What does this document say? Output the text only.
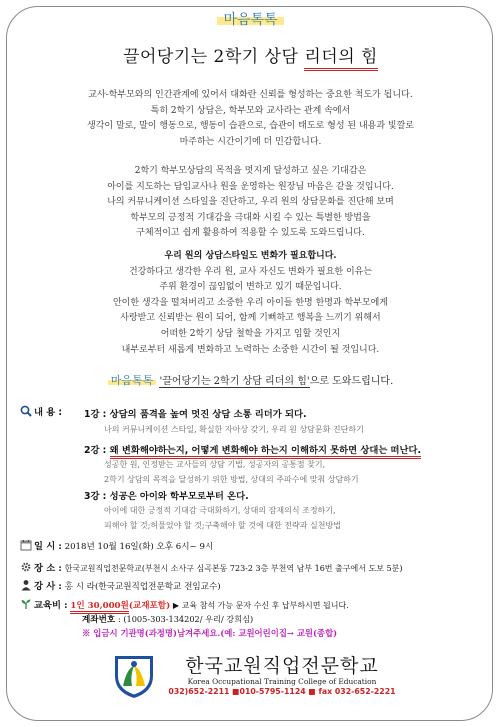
마음톡톡
끌어당기는 2학기 상담 리더의 힘
교사-학부모와의 인간관계에 있어서 대화란 신뢰를 형성하는 중요한 척도가 됩니다.
특히 2학기 상담은, 학부모와 교사라는 관계 속에서
생각이 말로, 말이 행동으로, 행동이 습관으로, 습관이 태도로 형성 된 내용과 빛깔로
마주하는 시간이기에 더 민감합니다.
2학기 학부모상담의 목적을 멋지게 달성하고 싶은 기대감은
아이를 지도하는 담임교사나 원을 운영하는 원장님 마음은 같을 것입니다.
나의 커뮤니케이션 스타일을 진단하고, 우리 원의 상담문화를 진단해 보며
학부모의 긍정적 기대감을 극대화 시킬 수 있는 특별한 방법을
구체적이고 쉽게 활용하여 적용할 수 있도록 도와드립니다.
우리 원의 상담스타일도 변화가 필요합니다.
건강하다고 생각한 우리 원, 교사 자신도 변화가 필요한 이유는
주위 환경이 끊임없이 변하고 있기 때문입니다.
안이한 생각을 떨쳐버리고 소중한 우리 아이들 한명 한명과 학부모에게
사랑받고 신뢰받는 원이 되어, 함께 기뻐하고 행복을 느끼기 위해서
어떠한 2학기 상담 철학을 가지고 임할 것인지
내부로부터 새롭게 변화하고 노력하는 소중한 시간이 될 것입니다.
마음톡톡 '끌어당기는 2학기 상담 리더의 힘'으로 도와드립니다.
내 용 : 1강 : 상담의 품격을 높여 멋진 상담 소통 리더가 되다.
나의 커뮤니케이션 스타일, 확실한 자아상 갖기, 우리 원 상담문화 진단하기
2강 : 왜 변화해야하는지, 어떻게 변화해야 하는지 이해하지 못하면 상대는 떠난다.
성공한 원, 인정받는 교사들의 상담 기법, 성공자의 공통점 찾기,
2학기 상담의 목적을 달성하기 위한 방법, 상대의 주파수에 맞춰 상담하기
3강 : 성공은 아이와 학부모로부터 온다.
아이에 대한 긍정적 기대감 극대화하기, 상대의 잠재의식 조정하기,
피해야 할 것;허물었야 할 것;구축해야 할 것에 대한 전략과 실천방법
일 시 : 2018년 10월 16일(화) 오후 6시~ 9시
장 소 : 한국교원직업전문학교(부천시 소사구 심곡본동 723-2 3층 부천역 남부 16번 출구에서 도보 5분)
강 사 : 홍 시 라(한국교원직업전문학교 전임교수)
교육비 : 1인 30,000원(교재포함) ▶ 교육 참석 가능 문자 수신 후 납부하시면 됩니다.
계좌번호 : (1005-303-134202/ 우리/ 강희심)
※ 입금시 기관명(과정명)남겨주세요.(예: 교원어린이집→ 교원(종합)
한국교원직업전문학교
Korea Occupational Training College of Education
032)652-2211 ■010-5795-1124 ■ fax 032-652-2221
